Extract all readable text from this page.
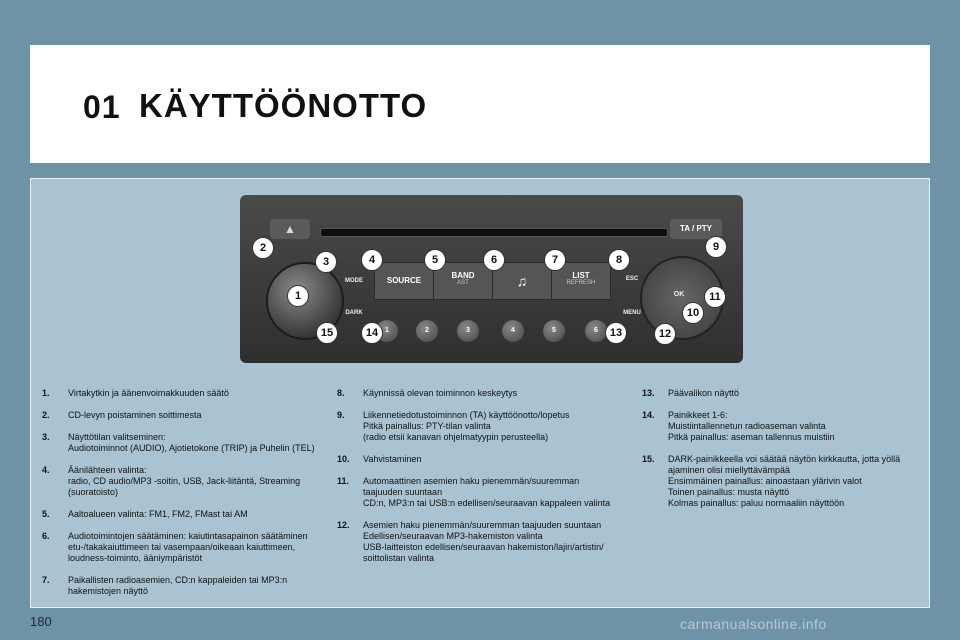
01 KÄYTTÖÖNOTTO
▲	TA / PTY
MODE
DARK
SOURCE
BAND
AST	♫	LIST
REFRESH
ESC
MENU
OK
1	2	3	4	5	6
1
2
3	4	5	6	7	8
9
10
11
12
13
14
15
1. Virtakytkin ja äänenvoimakkuuden säätö
2. CD-levyn poistaminen soittimesta
3. Näyttötilan valitseminen:
Audiotoiminnot (AUDIO), Ajotietokone (TRIP) ja Puhelin (TEL)
4. Äänilähteen valinta:
radio, CD audio/MP3 -soitin, USB, Jack-liitäntä, Streaming
(suoratoisto)
5. Aaltoalueen valinta: FM1, FM2, FMast tai AM
6. Audiotoimintojen säätäminen: kaiutintasapainon säätäminen
etu-/takakaiuttimeen tai vasempaan/oikeaan kaiuttimeen,
loudness-toiminto, ääniympäristöt
7. Paikallisten radioasemien, CD:n kappaleiden tai MP3:n
hakemistojen näyttö
8. Käynnissä olevan toiminnon keskeytys
9. Liikennetiedotustoiminnon (TA) käyttöönotto/lopetus
Pitkä painallus: PTY-tilan valinta
(radio etsii kanavan ohjelmatyypin perusteella)
10. Vahvistaminen
11. Automaattinen asemien haku pienemmän/suuremman
taajuuden suuntaan
CD:n, MP3:n tai USB:n edellisen/seuraavan kappaleen valinta
12. Asemien haku pienemmän/suuremman taajuuden suuntaan
Edellisen/seuraavan MP3-hakemiston valinta
USB-laitteiston edellisen/seuraavan hakemiston/lajin/artistin/
soittolistan valinta
13. Päävalikon näyttö
14. Painikkeet 1-6:
Muistiintallennetun radioaseman valinta
Pitkä painallus: aseman tallennus muistiin
15. DARK-painikkeella voi säätää näytön kirkkautta, jotta yöllä
ajaminen olisi miellyttävämpää
Ensimmäinen painallus: ainoastaan ylärivin valot
Toinen painallus: musta näyttö
Kolmas painallus: paluu normaaliin näyttöön
180	carmanualsonline.info
